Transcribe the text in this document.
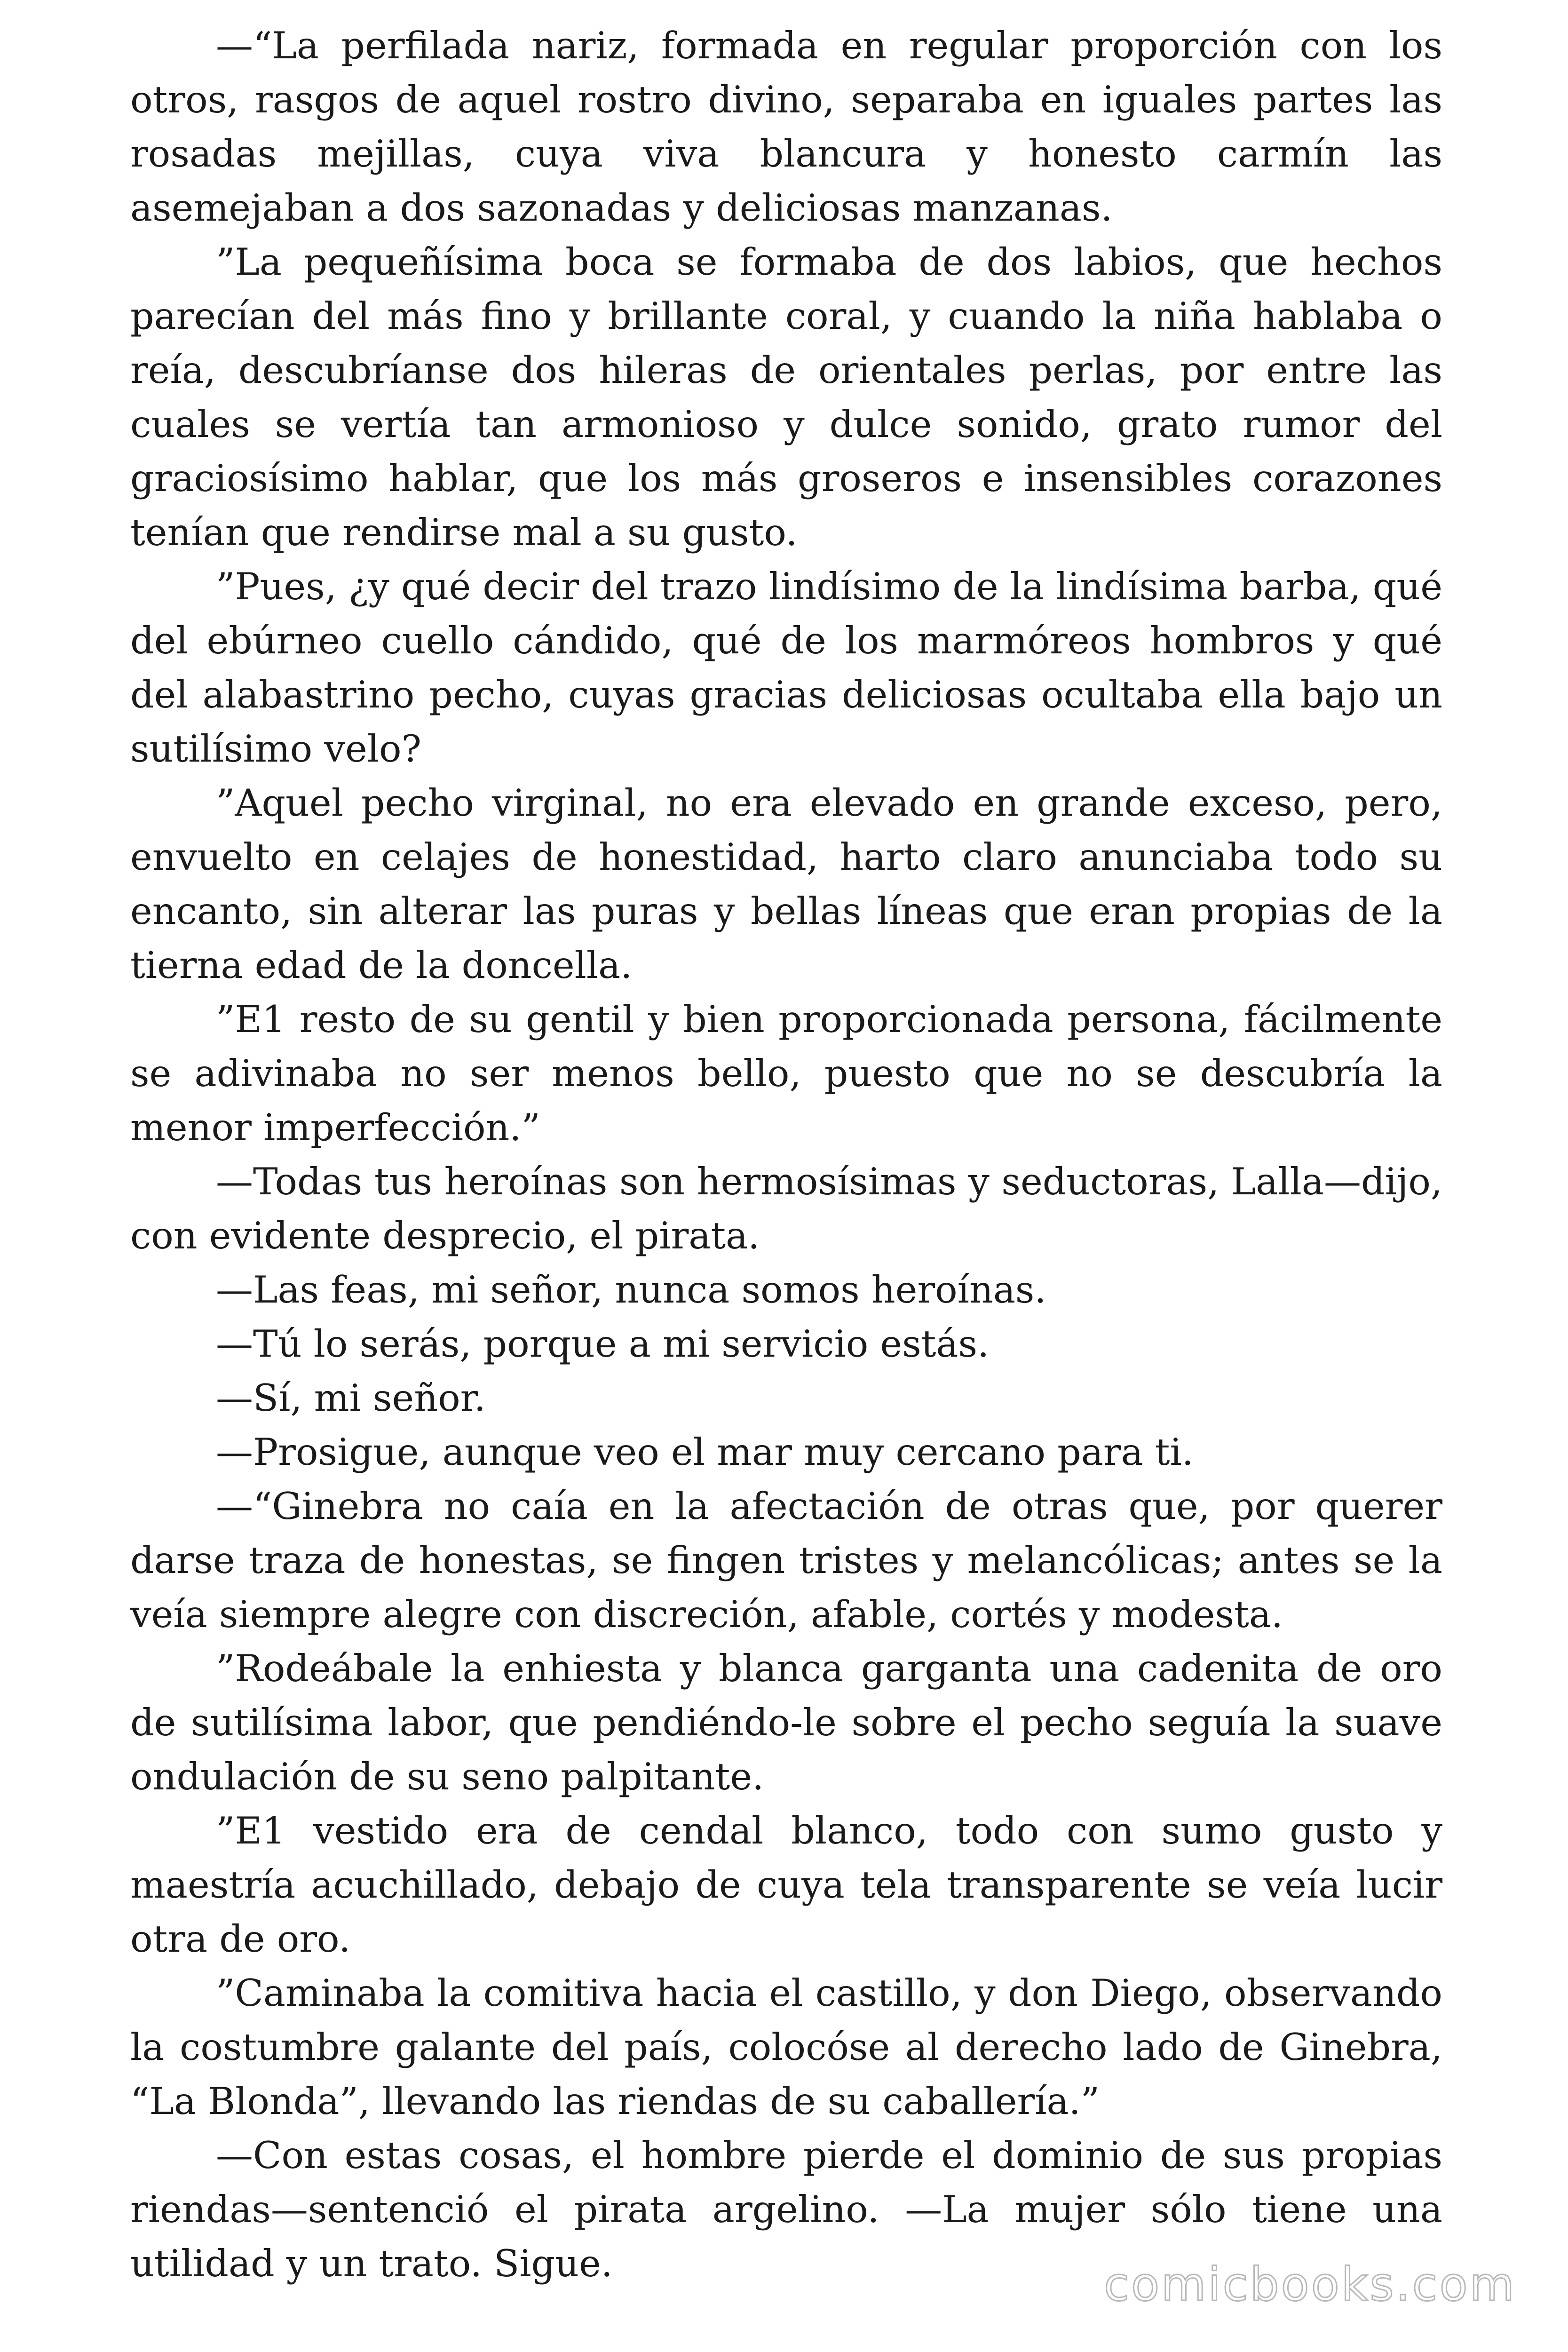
—“La perfilada nariz, formada en regular proporción con los otros, rasgos de aquel rostro divino, separaba en iguales partes las rosadas mejillas, cuya viva blancura y honesto carmín las asemejaban a dos sazonadas y deliciosas manzanas.

”La pequeñísima boca se formaba de dos labios, que hechos parecían del más fino y brillante coral, y cuando la niña hablaba o reía, descubríanse dos hileras de orientales perlas, por entre las cuales se vertía tan armonioso y dulce sonido, grato rumor del graciosísimo hablar, que los más groseros e insensibles corazones tenían que rendirse mal a su gusto.

”Pues, ¿y qué decir del trazo lindísimo de la lindísima barba, qué del ebúrneo cuello cándido, qué de los marmóreos hombros y qué del alabastrino pecho, cuyas gracias deliciosas ocultaba ella bajo un sutilísimo velo?

”Aquel pecho virginal, no era elevado en grande exceso, pero, envuelto en celajes de honestidad, harto claro anunciaba todo su encanto, sin alterar las puras y bellas líneas que eran propias de la tierna edad de la doncella.

”E1 resto de su gentil y bien proporcionada persona, fácilmente se adivinaba no ser menos bello, puesto que no se descubría la menor imperfección.”

—Todas tus heroínas son hermosísimas y seductoras, Lalla—dijo, con evidente desprecio, el pirata.

—Las feas, mi señor, nunca somos heroínas.

—Tú lo serás, porque a mi servicio estás.

—Sí, mi señor.

—Prosigue, aunque veo el mar muy cercano para ti.

—“Ginebra no caía en la afectación de otras que, por querer darse traza de honestas, se fingen tristes y melancólicas; antes se la veía siempre alegre con discreción, afable, cortés y modesta.

”Rodeábale la enhiesta y blanca garganta una cadenita de oro de sutilísima labor, que pendiéndo-le sobre el pecho seguía la suave ondulación de su seno palpitante.

”E1 vestido era de cendal blanco, todo con sumo gusto y maestría acuchillado, debajo de cuya tela transparente se veía lucir otra de oro.

”Caminaba la comitiva hacia el castillo, y don Diego, observando la costumbre galante del país, colocóse al derecho lado de Ginebra, “La Blonda”, llevando las riendas de su caballería.”

—Con estas cosas, el hombre pierde el dominio de sus propias riendas—sentenció el pirata argelino. —La mujer sólo tiene una utilidad y un trato. Sigue.	comicbooks.com
